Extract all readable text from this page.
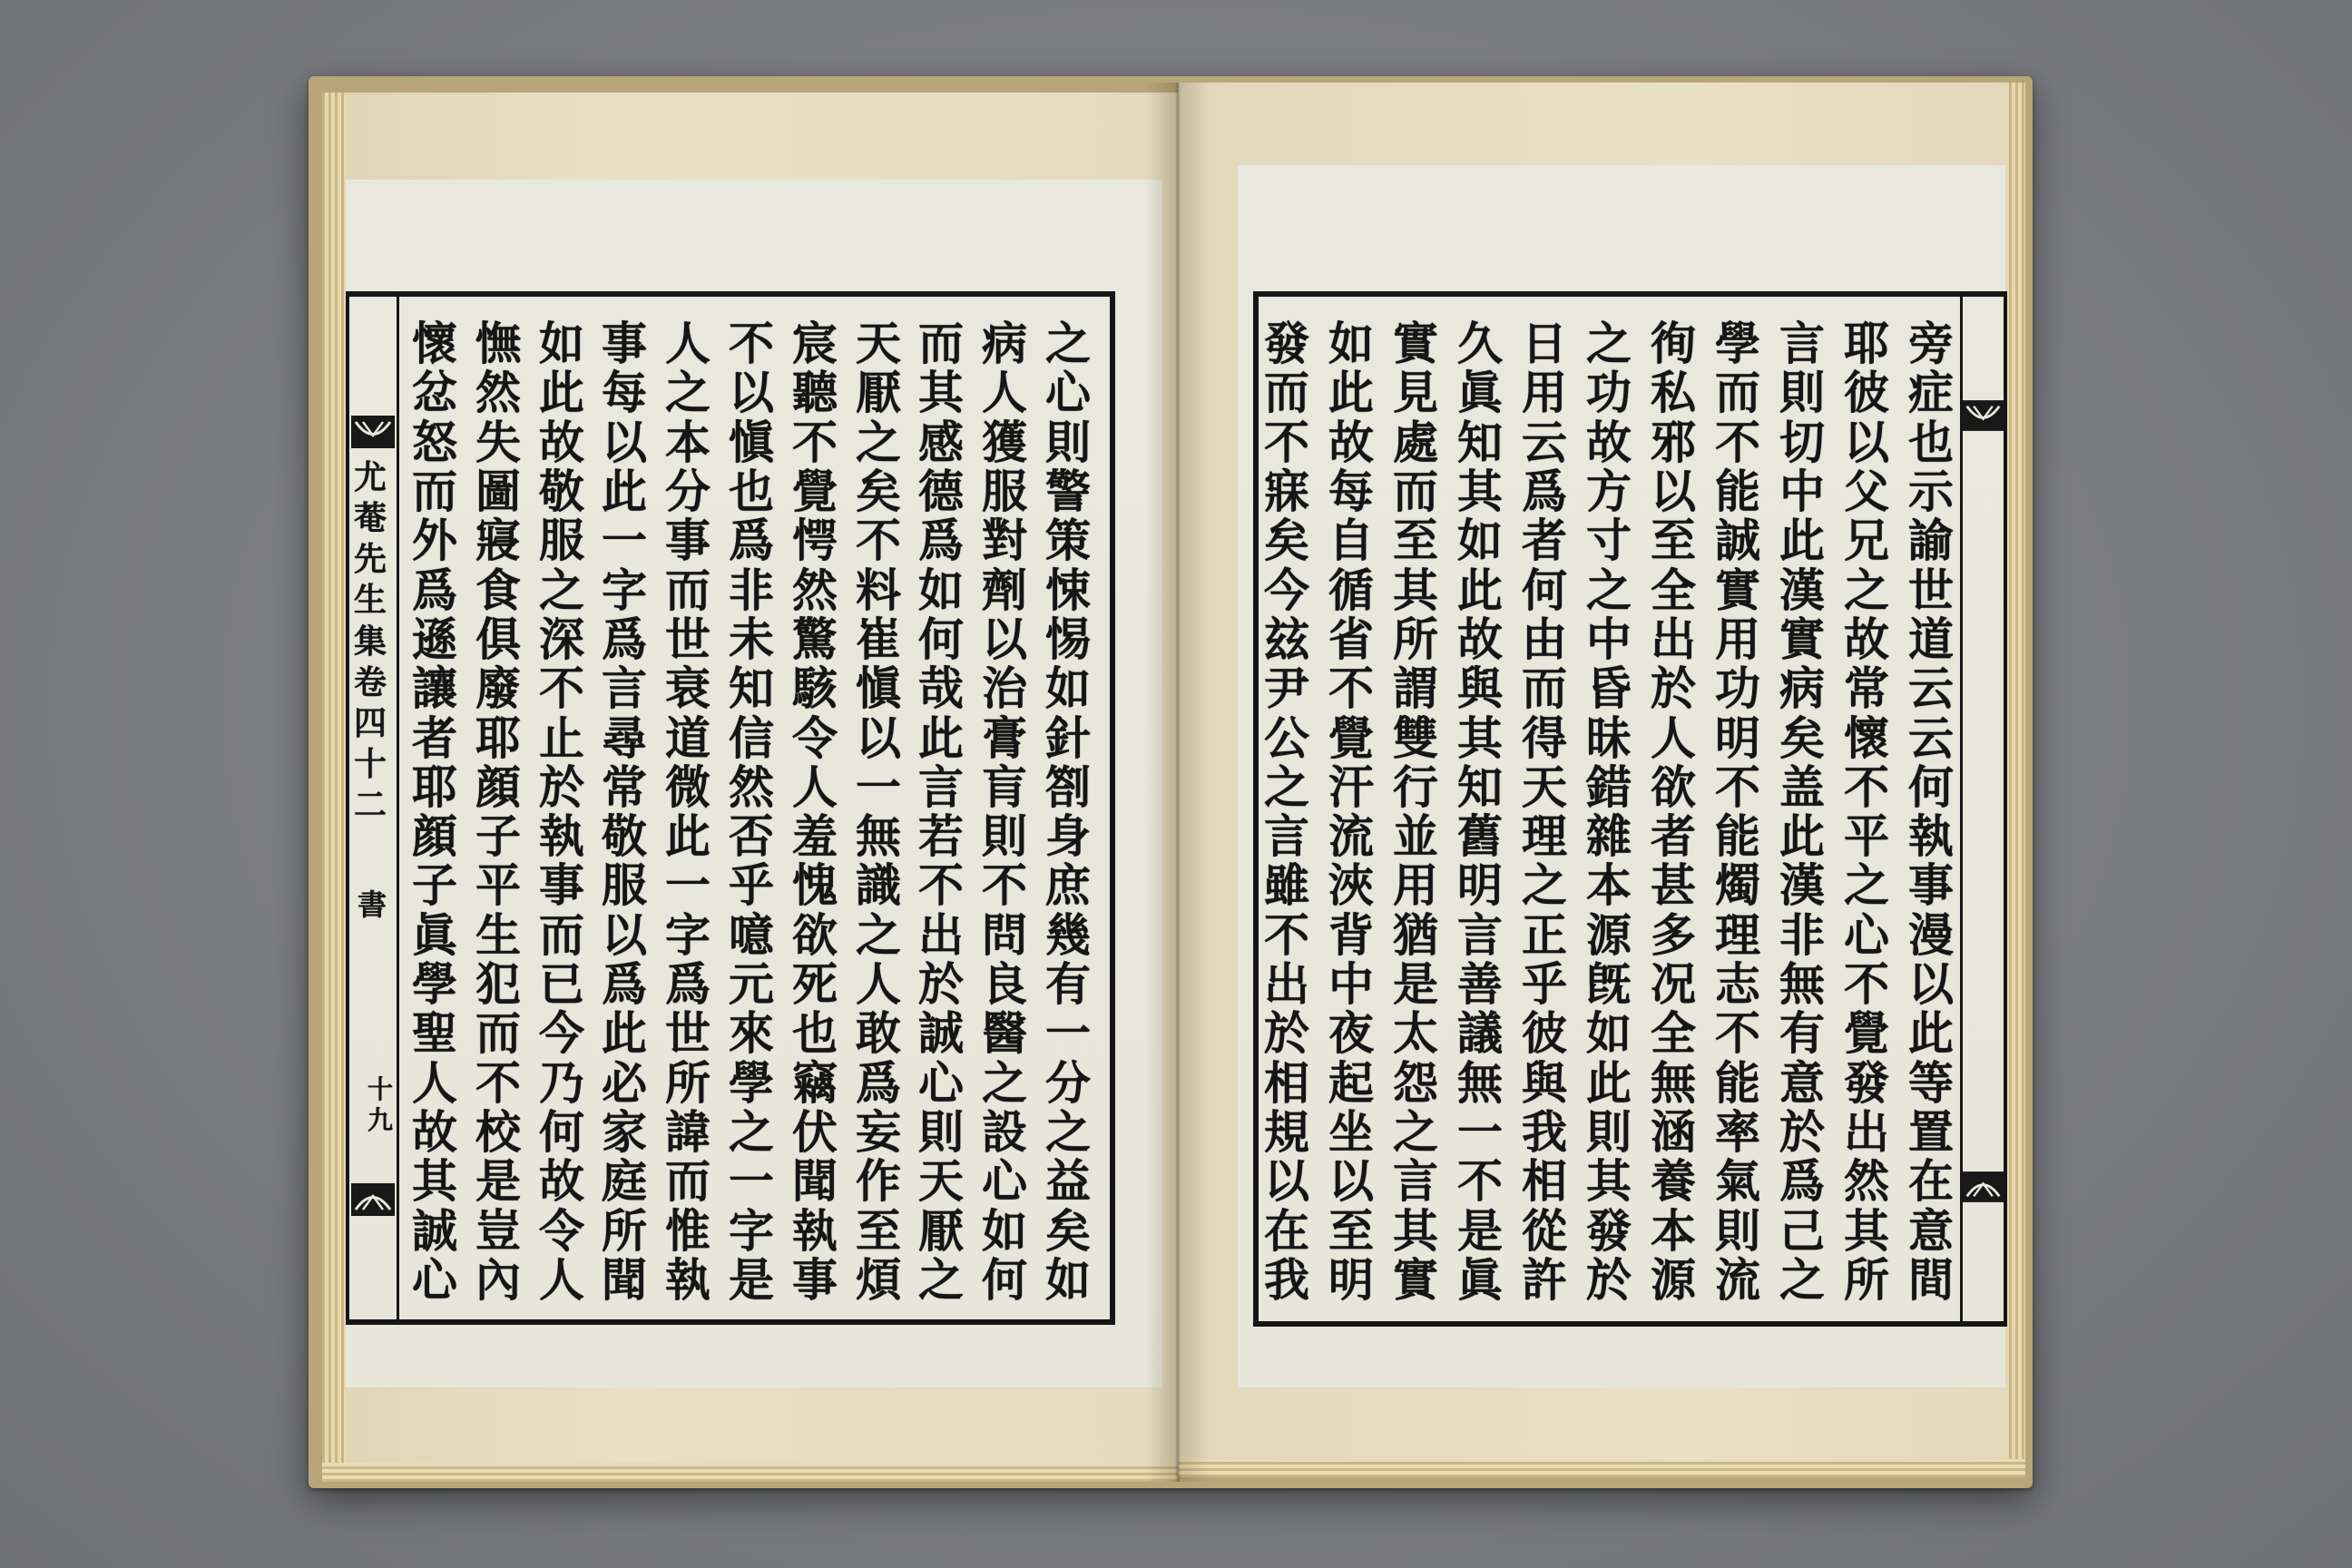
尤
菴
先
生
集
卷
四
十
二
書
十
九
旁
症
也
示
諭
世
道
云
云
何
執
事
漫
以
此
等
置
在
意
間
耶
彼
以
父
兄
之
故
常
懷
不
平
之
心
不
覺
發
出
然
其
所
言
則
切
中
此
漢
實
病
矣
盖
此
漢
非
無
有
意
於
爲
己
之
學
而
不
能
誠
實
用
功
明
不
能
燭
理
志
不
能
率
氣
則
流
徇
私
邪
以
至
全
出
於
人
欲
者
甚
多
况
全
無
涵
養
本
源
之
功
故
方
寸
之
中
昏
昧
錯
雜
本
源
旣
如
此
則
其
發
於
日
用
云
爲
者
何
由
而
得
天
理
之
正
乎
彼
與
我
相
從
許
久
眞
知
其
如
此
故
與
其
知
舊
明
言
善
議
無
一
不
是
眞
實
見
處
而
至
其
所
謂
雙
行
並
用
猶
是
太
怨
之
言
其
實
如
此
故
每
自
循
省
不
覺
汗
流
浹
背
中
夜
起
坐
以
至
明
發
而
不
寐
矣
今
玆
尹
公
之
言
雖
不
出
於
相
規
以
在
我
之
心
則
警
策
悚
惕
如
針
劄
身
庶
幾
有
一
分
之
益
矣
如
病
人
獲
服
對
劑
以
治
膏
肓
則
不
問
良
醫
之
設
心
如
何
而
其
感
德
爲
如
何
哉
此
言
若
不
出
於
誠
心
則
天
厭
之
天
厭
之
矣
不
料
崔
愼
以
一
無
識
之
人
敢
爲
妄
作
至
煩
宸
聽
不
覺
愕
然
驚
駭
令
人
羞
愧
欲
死
也
竊
伏
聞
執
事
不
以
愼
也
爲
非
未
知
信
然
否
乎
噫
元
來
學
之
一
字
是
人
之
本
分
事
而
世
衰
道
微
此
一
字
爲
世
所
諱
而
惟
執
事
每
以
此
一
字
爲
言
尋
常
敬
服
以
爲
此
必
家
庭
所
聞
如
此
故
敬
服
之
深
不
止
於
執
事
而
已
今
乃
何
故
令
人
憮
然
失
圖
寢
食
俱
廢
耶
顔
子
平
生
犯
而
不
校
是
豈
內
懷
忿
怒
而
外
爲
遜
讓
者
耶
顔
子
眞
學
聖
人
故
其
誠
心
